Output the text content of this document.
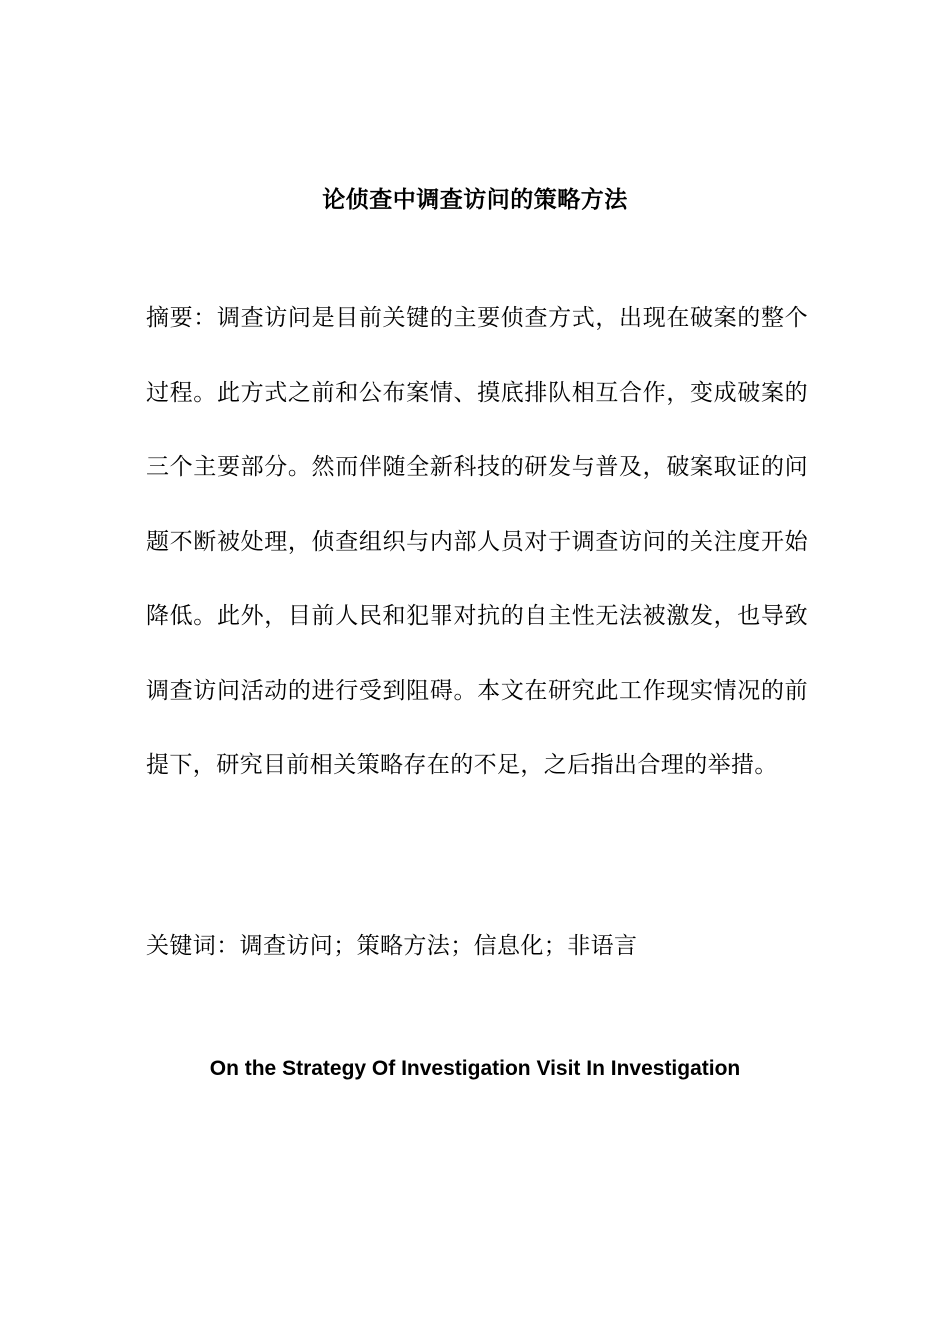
论侦查中调查访问的策略方法
摘要：调查访问是目前关键的主要侦查方式，出现在破案的整个过程。此方式之前和公布案情、摸底排队相互合作，变成破案的三个主要部分。然而伴随全新科技的研发与普及，破案取证的问题不断被处理，侦查组织与内部人员对于调查访问的关注度开始降低。此外，目前人民和犯罪对抗的自主性无法被激发，也导致调查访问活动的进行受到阻碍。本文在研究此工作现实情况的前提下，研究目前相关策略存在的不足，之后指出合理的举措。
关键词：调查访问；策略方法；信息化；非语言
On the Strategy Of Investigation Visit In Investigation
